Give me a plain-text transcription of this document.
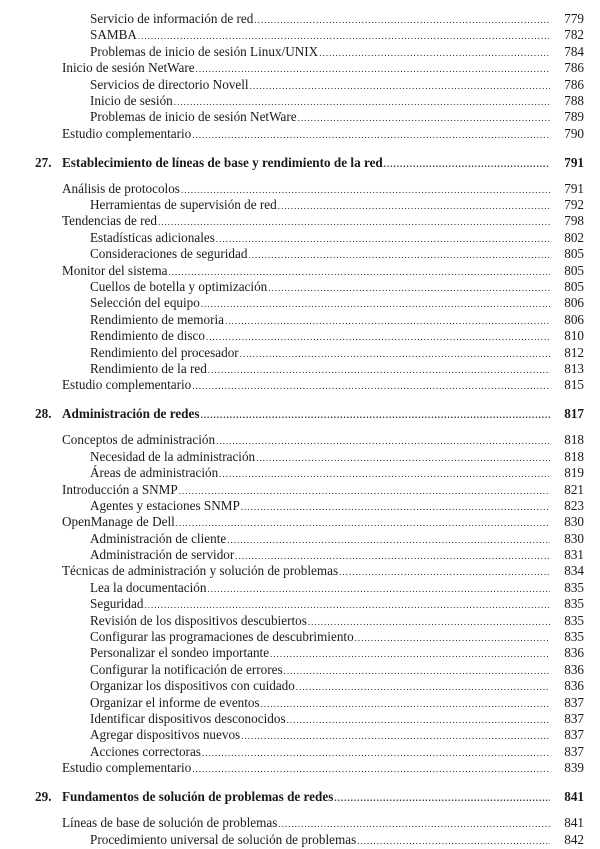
Servicio de información de red .....	779
SAMBA .....	782
Problemas de inicio de sesión Linux/UNIX .....	784
Inicio de sesión NetWare .....	786
Servicios de directorio Novell .....	786
Inicio de sesión .....	788
Problemas de inicio de sesión NetWare .....	789
Estudio complementario .....	790
27. Establecimiento de líneas de base y rendimiento de la red .....	791
Análisis de protocolos .....	791
Herramientas de supervisión de red .....	792
Tendencias de red .....	798
Estadísticas adicionales .....	802
Consideraciones de seguridad .....	805
Monitor del sistema .....	805
Cuellos de botella y optimización .....	805
Selección del equipo .....	806
Rendimiento de memoria .....	806
Rendimiento de disco .....	810
Rendimiento del procesador .....	812
Rendimiento de la red .....	813
Estudio complementario .....	815
28. Administración de redes .....	817
Conceptos de administración .....	818
Necesidad de la administración .....	818
Áreas de administración .....	819
Introducción a SNMP .....	821
Agentes y estaciones SNMP .....	823
OpenManage de Dell .....	830
Administración de cliente .....	830
Administración de servidor .....	831
Técnicas de administración y solución de problemas .....	834
Lea la documentación .....	835
Seguridad .....	835
Revisión de los dispositivos descubiertos .....	835
Configurar las programaciones de descubrimiento .....	835
Personalizar el sondeo importante .....	836
Configurar la notificación de errores .....	836
Organizar los dispositivos con cuidado .....	836
Organizar el informe de eventos .....	837
Identificar dispositivos desconocidos .....	837
Agregar dispositivos nuevos .....	837
Acciones correctoras .....	837
Estudio complementario .....	839
29. Fundamentos de solución de problemas de redes .....	841
Líneas de base de solución de problemas .....	841
Procedimiento universal de solución de problemas .....	842
